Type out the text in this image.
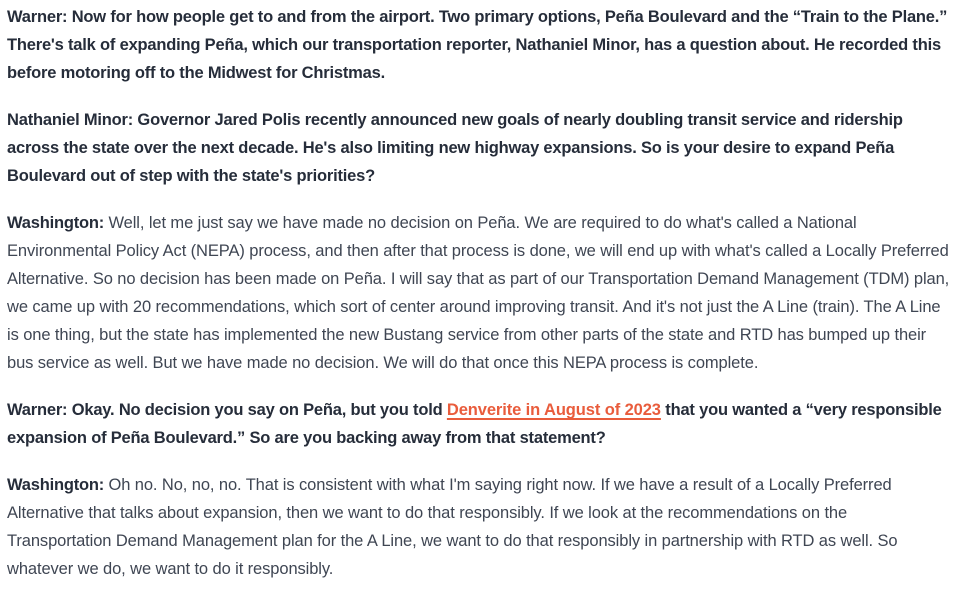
Warner: Now for how people get to and from the airport. Two primary options, Peña Boulevard and the “Train to the Plane.” There's talk of expanding Peña, which our transportation reporter, Nathaniel Minor, has a question about. He recorded this before motoring off to the Midwest for Christmas.

Nathaniel Minor: Governor Jared Polis recently announced new goals of nearly doubling transit service and ridership across the state over the next decade. He's also limiting new highway expansions. So is your desire to expand Peña Boulevard out of step with the state's priorities?

Washington: Well, let me just say we have made no decision on Peña. We are required to do what's called a National Environmental Policy Act (NEPA) process, and then after that process is done, we will end up with what's called a Locally Preferred Alternative. So no decision has been made on Peña. I will say that as part of our Transportation Demand Management (TDM) plan, we came up with 20 recommendations, which sort of center around improving transit. And it's not just the A Line (train). The A Line is one thing, but the state has implemented the new Bustang service from other parts of the state and RTD has bumped up their bus service as well. But we have made no decision. We will do that once this NEPA process is complete.

Warner: Okay. No decision you say on Peña, but you told Denverite in August of 2023 that you wanted a “very responsible expansion of Peña Boulevard.” So are you backing away from that statement?

Washington: Oh no. No, no, no. That is consistent with what I'm saying right now. If we have a result of a Locally Preferred Alternative that talks about expansion, then we want to do that responsibly. If we look at the recommendations on the Transportation Demand Management plan for the A Line, we want to do that responsibly in partnership with RTD as well. So whatever we do, we want to do it responsibly.
